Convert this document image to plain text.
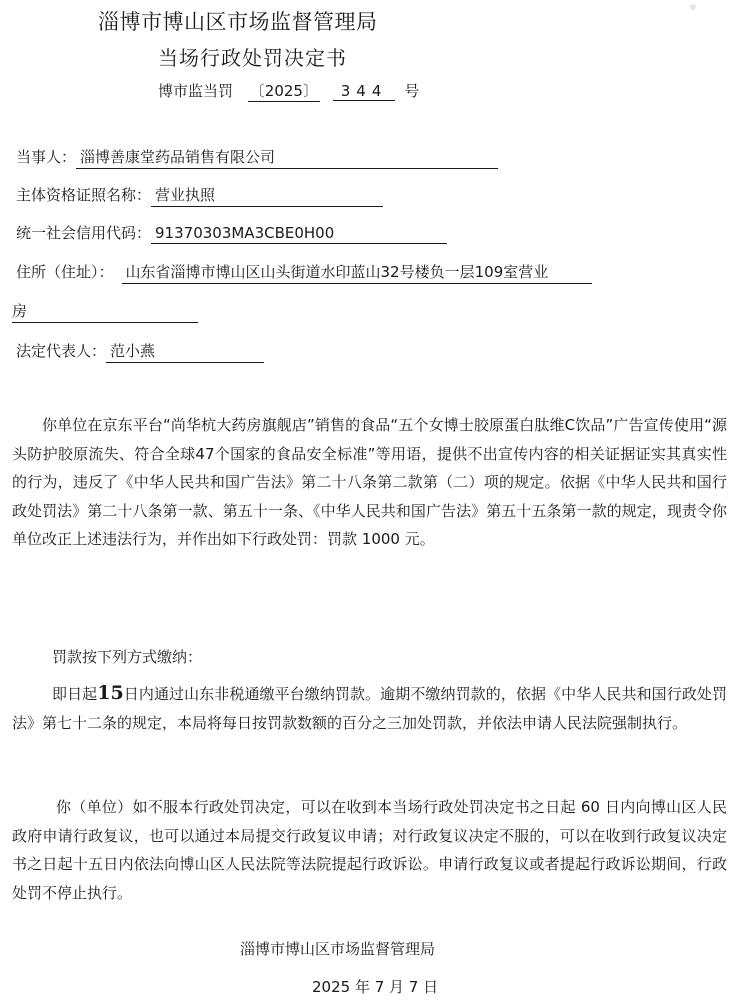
淄博市博山区市场监督管理局
当场行政处罚决定书
博市监当罚 〔2025〕 344 号
当事人： 淄博善康堂药品销售有限公司
主体资格证照名称： 营业执照
统一社会信用代码： 91370303MA3CBE0H00
住所（住址）： 山东省淄博市博山区山头街道水印蓝山32号楼负一层109室营业
房
法定代表人： 范小燕
你单位在京东平台“尚华杭大药房旗舰店”销售的食品“五个女博士胶原蛋白肽维C饮品”广告宣传使用“源头防护胶原流失、符合全球47个国家的食品安全标准”等用语，提供不出宣传内容的相关证据证实其真实性的行为，违反了《中华人民共和国广告法》第二十八条第二款第（二）项的规定。依据《中华人民共和国行政处罚法》第二十八条第一款、第五十一条、《中华人民共和国广告法》第五十五条第一款的规定，现责令你单位改正上述违法行为，并作出如下行政处罚：罚款 1000 元。
罚款按下列方式缴纳：
即日起15日内通过山东非税通缴平台缴纳罚款。逾期不缴纳罚款的，依据《中华人民共和国行政处罚法》第七十二条的规定，本局将每日按罚款数额的百分之三加处罚款，并依法申请人民法院强制执行。
你（单位）如不服本行政处罚决定，可以在收到本当场行政处罚决定书之日起 60 日内向博山区人民政府申请行政复议，也可以通过本局提交行政复议申请；对行政复议决定不服的，可以在收到行政复议决定书之日起十五日内依法向博山区人民法院等法院提起行政诉讼。申请行政复议或者提起行政诉讼期间，行政处罚不停止执行。
淄博市博山区市场监督管理局
2025 年 7 月 7 日
